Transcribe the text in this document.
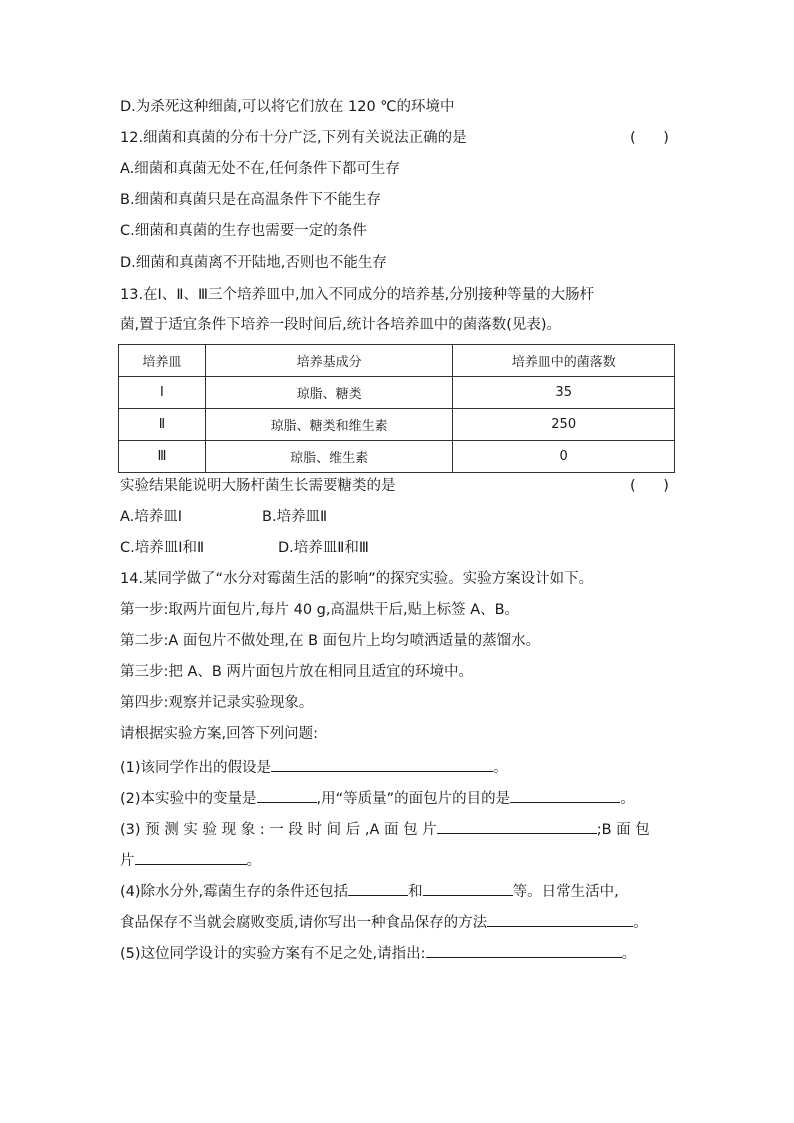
D.为杀死这种细菌,可以将它们放在 120 ℃的环境中
12.细菌和真菌的分布十分广泛,下列有关说法正确的是	(      )
A.细菌和真菌无处不在,任何条件下都可生存
B.细菌和真菌只是在高温条件下不能生存
C.细菌和真菌的生存也需要一定的条件
D.细菌和真菌离不开陆地,否则也不能生存
13.在Ⅰ、Ⅱ、Ⅲ三个培养皿中,加入不同成分的培养基,分别接种等量的大肠杆
菌,置于适宜条件下培养一段时间后,统计各培养皿中的菌落数(见表)。
培养皿	培养基成分	培养皿中的菌落数
Ⅰ	琼脂、糖类	35
Ⅱ	琼脂、糖类和维生素	250
Ⅲ	琼脂、维生素	0
实验结果能说明大肠杆菌生长需要糖类的是	(      )
A.培养皿Ⅰ	B.培养皿Ⅱ
C.培养皿Ⅰ和Ⅱ	D.培养皿Ⅱ和Ⅲ
14.某同学做了“水分对霉菌生活的影响”的探究实验。实验方案设计如下。
第一步:取两片面包片,每片 40 g,高温烘干后,贴上标签 A、B。
第二步:A 面包片不做处理,在 B 面包片上均匀喷洒适量的蒸馏水。
第三步:把 A、B 两片面包片放在相同且适宜的环境中。
第四步:观察并记录实验现象。
请根据实验方案,回答下列问题:
(1)该同学作出的假设是	。
(2)本实验中的变量是	,用“等质量”的面包片的目的是	。
(3) 预 测 实 验 现 象 : 一 段 时 间 后 ,A 面 包 片	;B 面 包
片	。
(4)除水分外,霉菌生存的条件还包括	和	等。日常生活中,
食品保存不当就会腐败变质,请你写出一种食品保存的方法	。
(5)这位同学设计的实验方案有不足之处,请指出:	。
